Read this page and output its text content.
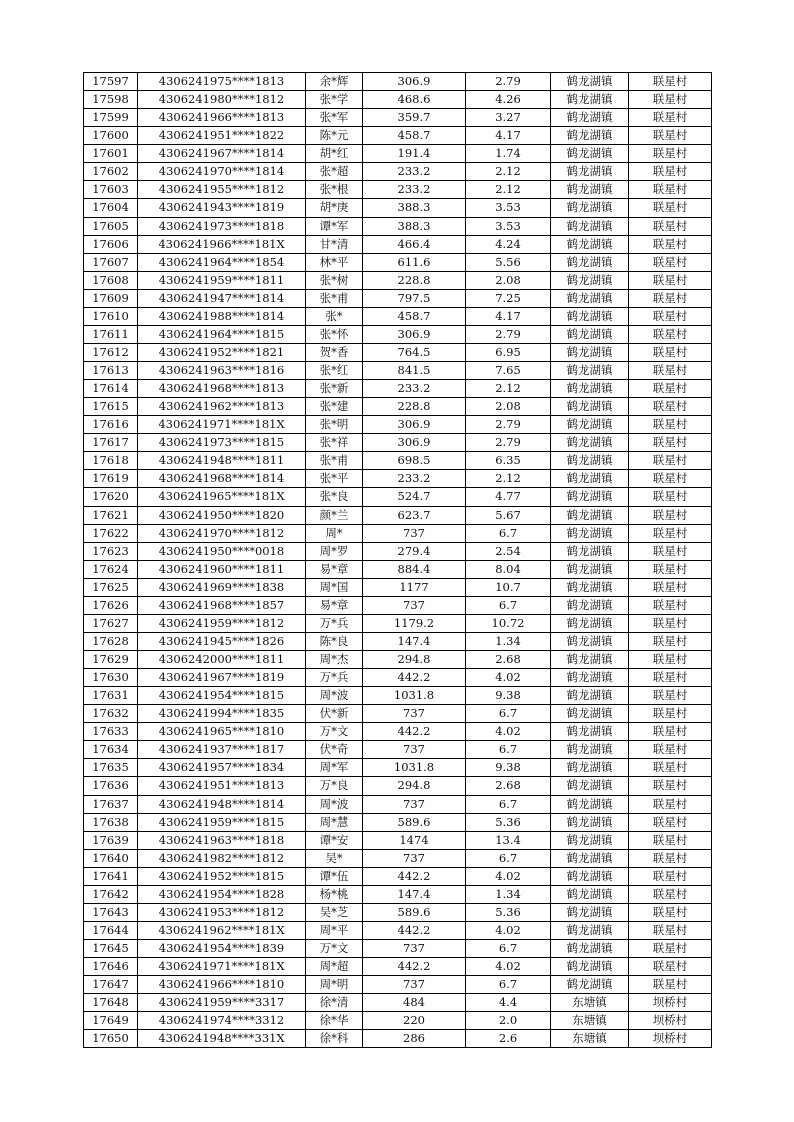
17597	4306241975****1813	余*辉	306.9	2.79	鹤龙湖镇	联星村
17598	4306241980****1812	张*学	468.6	4.26	鹤龙湖镇	联星村
17599	4306241966****1813	张*军	359.7	3.27	鹤龙湖镇	联星村
17600	4306241951****1822	陈*元	458.7	4.17	鹤龙湖镇	联星村
17601	4306241967****1814	胡*红	191.4	1.74	鹤龙湖镇	联星村
17602	4306241970****1814	张*超	233.2	2.12	鹤龙湖镇	联星村
17603	4306241955****1812	张*根	233.2	2.12	鹤龙湖镇	联星村
17604	4306241943****1819	胡*庚	388.3	3.53	鹤龙湖镇	联星村
17605	4306241973****1818	谭*军	388.3	3.53	鹤龙湖镇	联星村
17606	4306241966****181X	甘*清	466.4	4.24	鹤龙湖镇	联星村
17607	4306241964****1854	林*平	611.6	5.56	鹤龙湖镇	联星村
17608	4306241959****1811	张*树	228.8	2.08	鹤龙湖镇	联星村
17609	4306241947****1814	张*甫	797.5	7.25	鹤龙湖镇	联星村
17610	4306241988****1814	张*	458.7	4.17	鹤龙湖镇	联星村
17611	4306241964****1815	张*怀	306.9	2.79	鹤龙湖镇	联星村
17612	4306241952****1821	贺*香	764.5	6.95	鹤龙湖镇	联星村
17613	4306241963****1816	张*红	841.5	7.65	鹤龙湖镇	联星村
17614	4306241968****1813	张*新	233.2	2.12	鹤龙湖镇	联星村
17615	4306241962****1813	张*建	228.8	2.08	鹤龙湖镇	联星村
17616	4306241971****181X	张*明	306.9	2.79	鹤龙湖镇	联星村
17617	4306241973****1815	张*祥	306.9	2.79	鹤龙湖镇	联星村
17618	4306241948****1811	张*甫	698.5	6.35	鹤龙湖镇	联星村
17619	4306241968****1814	张*平	233.2	2.12	鹤龙湖镇	联星村
17620	4306241965****181X	张*良	524.7	4.77	鹤龙湖镇	联星村
17621	4306241950****1820	颜*兰	623.7	5.67	鹤龙湖镇	联星村
17622	4306241970****1812	周*	737	6.7	鹤龙湖镇	联星村
17623	4306241950****0018	周*罗	279.4	2.54	鹤龙湖镇	联星村
17624	4306241960****1811	易*章	884.4	8.04	鹤龙湖镇	联星村
17625	4306241969****1838	周*国	1177	10.7	鹤龙湖镇	联星村
17626	4306241968****1857	易*章	737	6.7	鹤龙湖镇	联星村
17627	4306241959****1812	万*兵	1179.2	10.72	鹤龙湖镇	联星村
17628	4306241945****1826	陈*良	147.4	1.34	鹤龙湖镇	联星村
17629	4306242000****1811	周*杰	294.8	2.68	鹤龙湖镇	联星村
17630	4306241967****1819	万*兵	442.2	4.02	鹤龙湖镇	联星村
17631	4306241954****1815	周*波	1031.8	9.38	鹤龙湖镇	联星村
17632	4306241994****1835	伏*新	737	6.7	鹤龙湖镇	联星村
17633	4306241965****1810	万*文	442.2	4.02	鹤龙湖镇	联星村
17634	4306241937****1817	伏*奇	737	6.7	鹤龙湖镇	联星村
17635	4306241957****1834	周*军	1031.8	9.38	鹤龙湖镇	联星村
17636	4306241951****1813	万*良	294.8	2.68	鹤龙湖镇	联星村
17637	4306241948****1814	周*波	737	6.7	鹤龙湖镇	联星村
17638	4306241959****1815	周*慧	589.6	5.36	鹤龙湖镇	联星村
17639	4306241963****1818	谭*安	1474	13.4	鹤龙湖镇	联星村
17640	4306241982****1812	吴*	737	6.7	鹤龙湖镇	联星村
17641	4306241952****1815	谭*伍	442.2	4.02	鹤龙湖镇	联星村
17642	4306241954****1828	杨*桃	147.4	1.34	鹤龙湖镇	联星村
17643	4306241953****1812	吴*芝	589.6	5.36	鹤龙湖镇	联星村
17644	4306241962****181X	周*平	442.2	4.02	鹤龙湖镇	联星村
17645	4306241954****1839	万*文	737	6.7	鹤龙湖镇	联星村
17646	4306241971****181X	周*超	442.2	4.02	鹤龙湖镇	联星村
17647	4306241966****1810	周*明	737	6.7	鹤龙湖镇	联星村
17648	4306241959****3317	徐*清	484	4.4	东塘镇	坝桥村
17649	4306241974****3312	徐*华	220	2.0	东塘镇	坝桥村
17650	4306241948****331X	徐*科	286	2.6	东塘镇	坝桥村
